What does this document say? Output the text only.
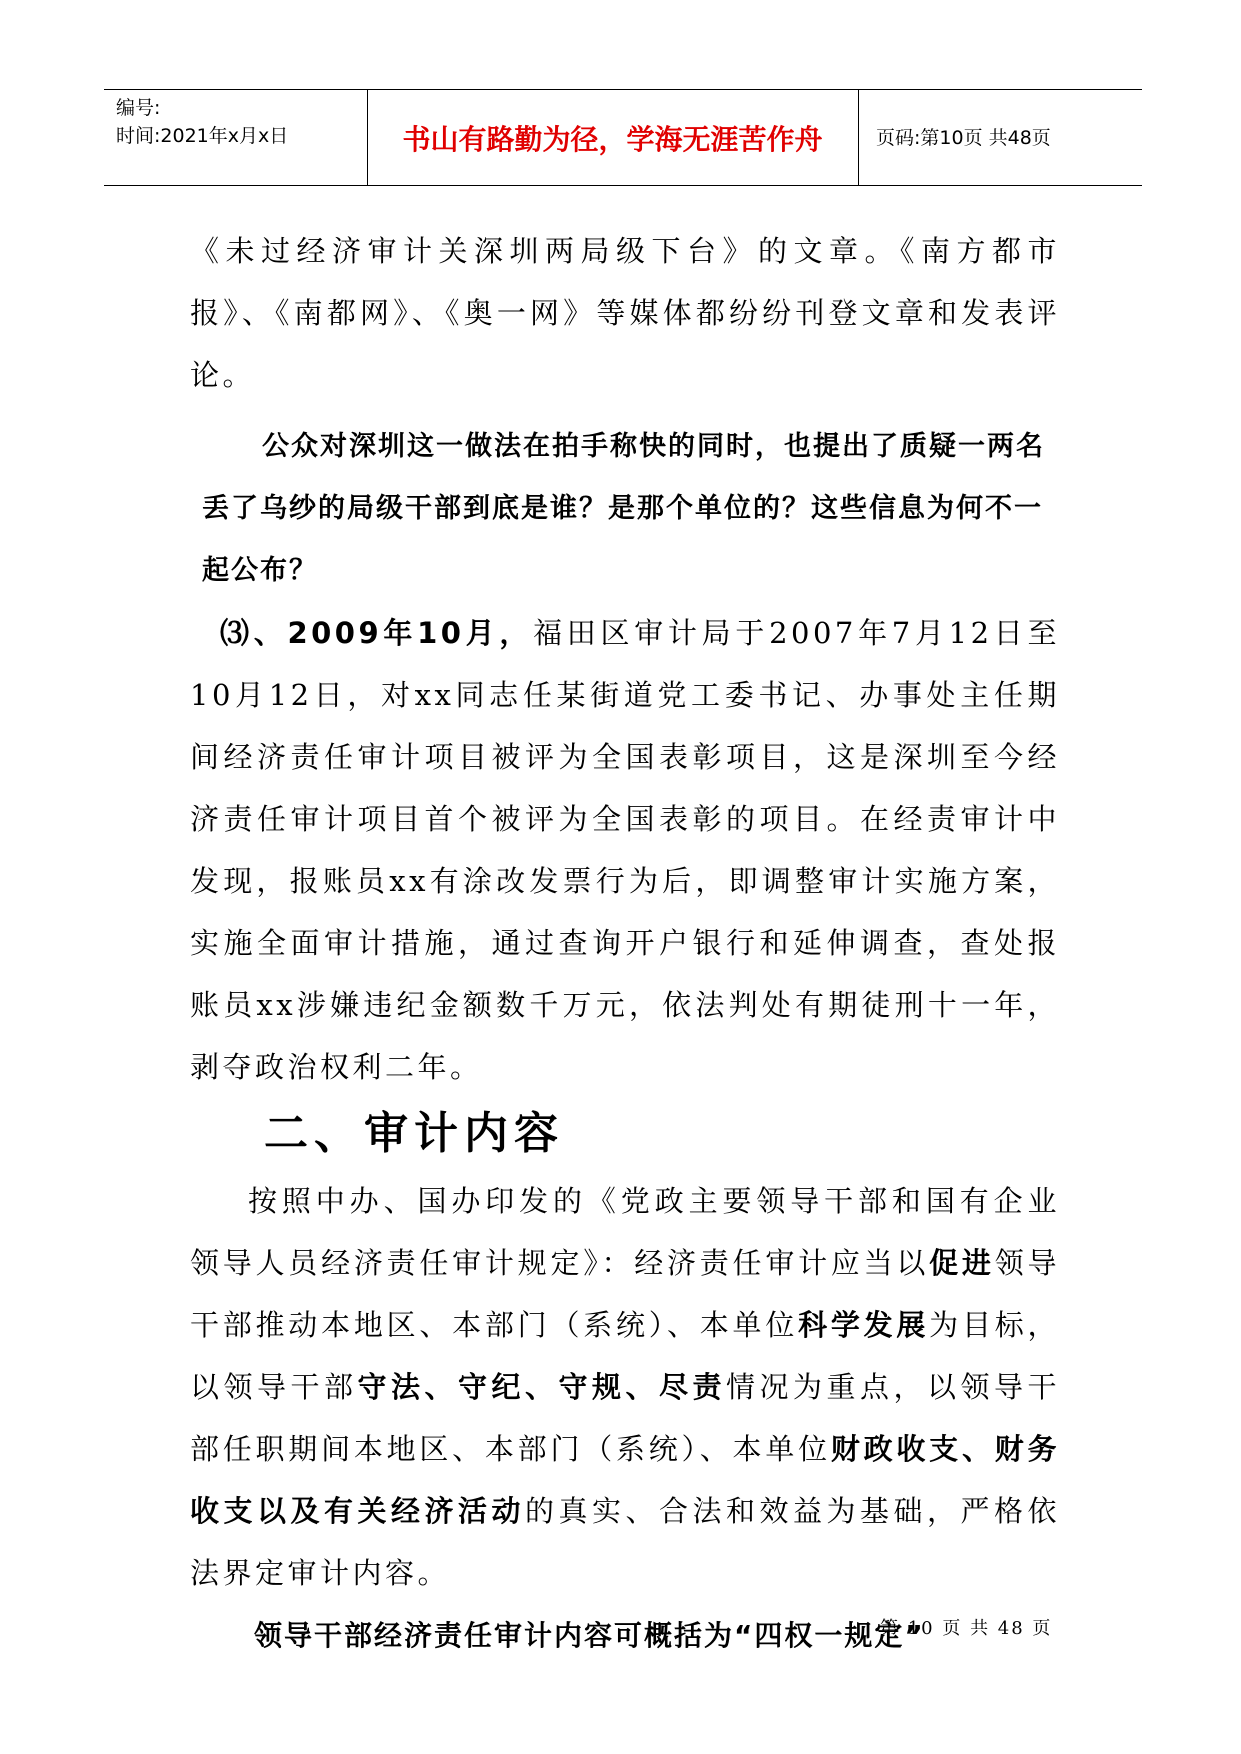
编号:
时间:2021年x月x日	书山有路勤为径，学海无涯苦作舟	页码:第10页 共48页

《未过经济审计关深圳两局级下台》的文章。《南方都市报》、《南都网》、《奥一网》等媒体都纷纷刊登文章和发表评论。

公众对深圳这一做法在拍手称快的同时，也提出了质疑一两名

丢了乌纱的局级干部到底是谁？是那个单位的？这些信息为何不一

起公布？

⑶、2009年10月，福田区审计局于2007年7月12日至10月12日，对xx同志任某街道党工委书记、办事处主任期间经济责任审计项目被评为全国表彰项目，这是深圳至今经济责任审计项目首个被评为全国表彰的项目。在经责审计中发现，报账员xx有涂改发票行为后，即调整审计实施方案，实施全面审计措施，通过查询开户银行和延伸调查，查处报账员xx涉嫌违纪金额数千万元，依法判处有期徒刑十一年，剥夺政治权利二年。

二、审计内容

按照中办、国办印发的《党政主要领导干部和国有企业领导人员经济责任审计规定》：经济责任审计应当以促进领导干部推动本地区、本部门（系统）、本单位科学发展为目标，以领导干部守法、守纪、守规、尽责情况为重点，以领导干部任职期间本地区、本部门（系统）、本单位财政收支、财务收支以及有关经济活动的真实、合法和效益为基础，严格依法界定审计内容。

领导干部经济责任审计内容可概括为“四权一规定”

第 10 页 共 48 页
